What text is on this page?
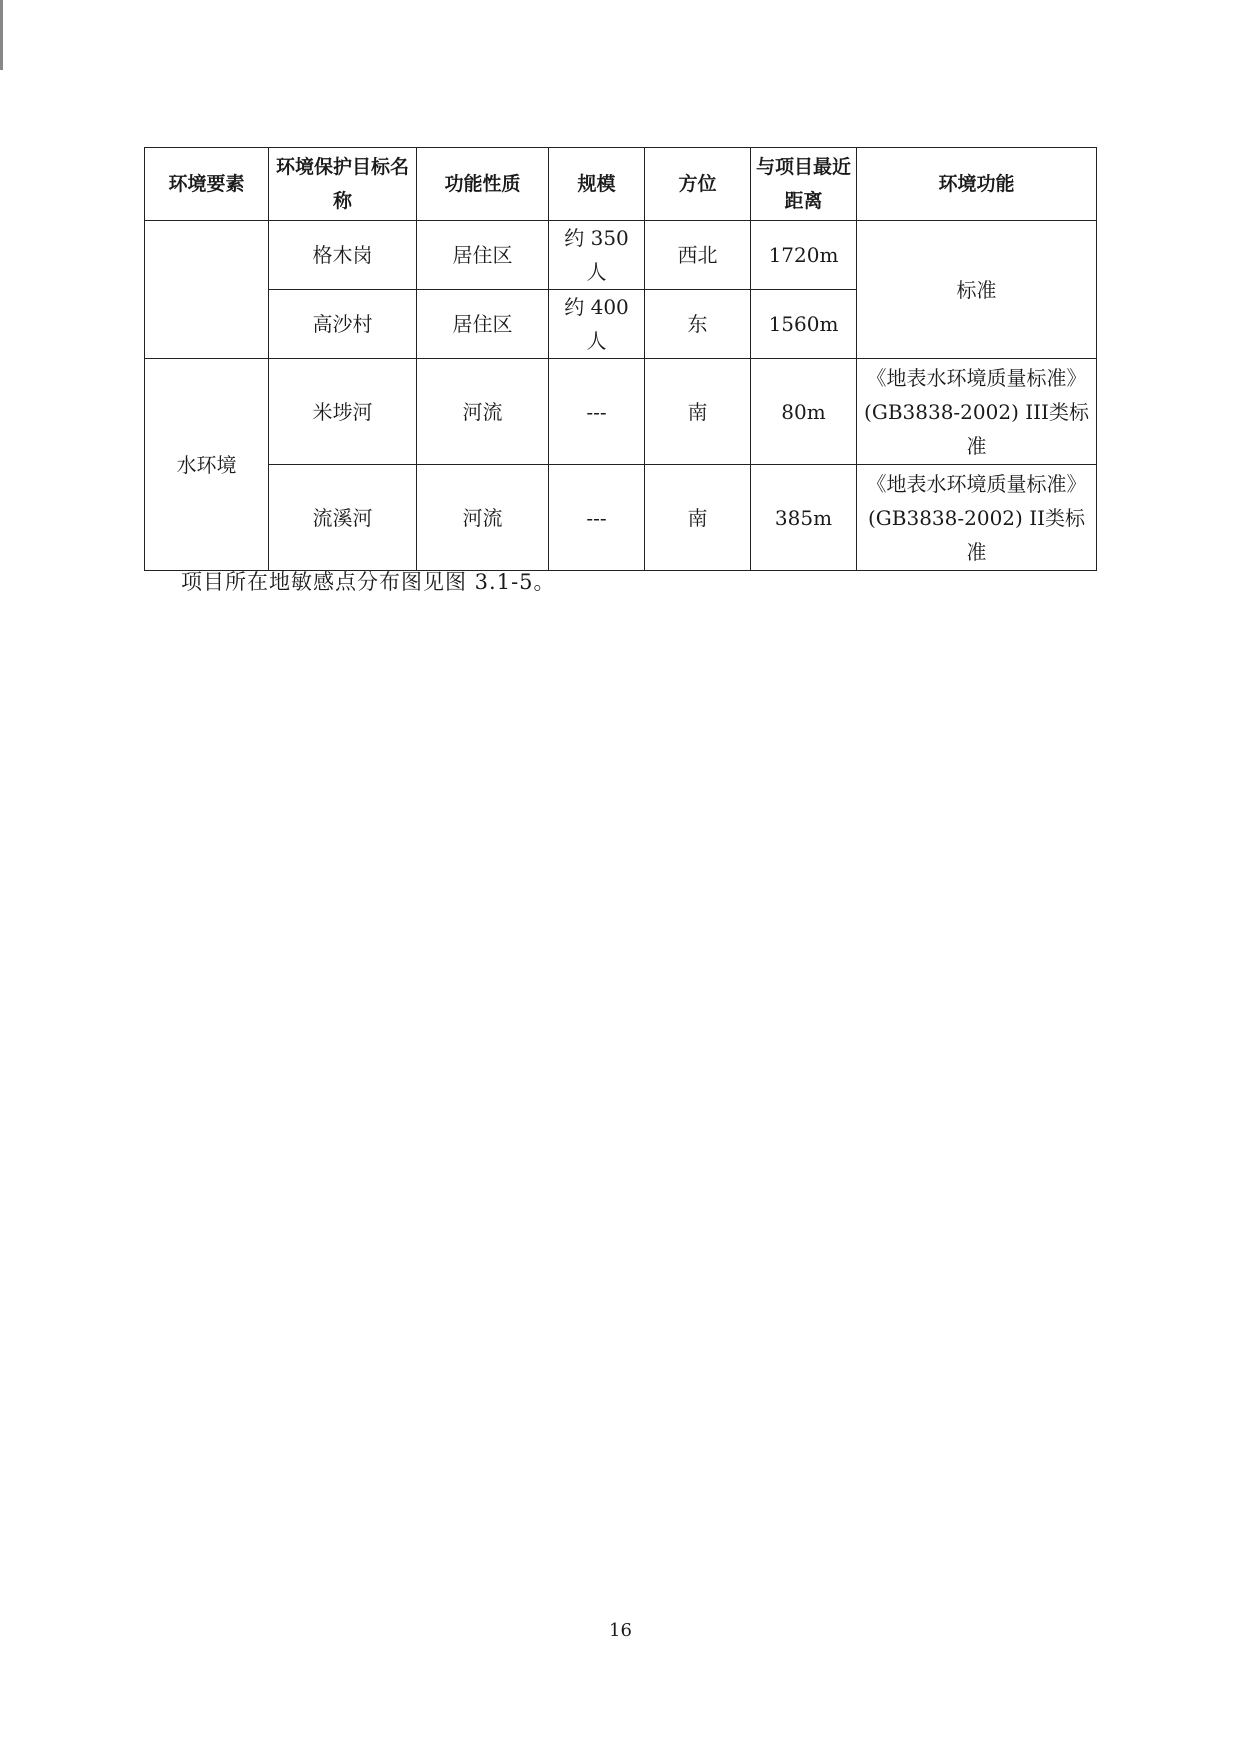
环境要素	环境保护目标名称	功能性质	规模	方位	与项目最近距离	环境功能
	格木岗	居住区	约 350 人	西北	1720m	标准
	高沙村	居住区	约 400 人	东	1560m	
水环境	米埗河	河流	---	南	80m	《地表水环境质量标准》(GB3838-2002) III类标准
	流溪河	河流	---	南	385m	《地表水环境质量标准》(GB3838-2002) II类标准
项目所在地敏感点分布图见图 3.1-5。
16
